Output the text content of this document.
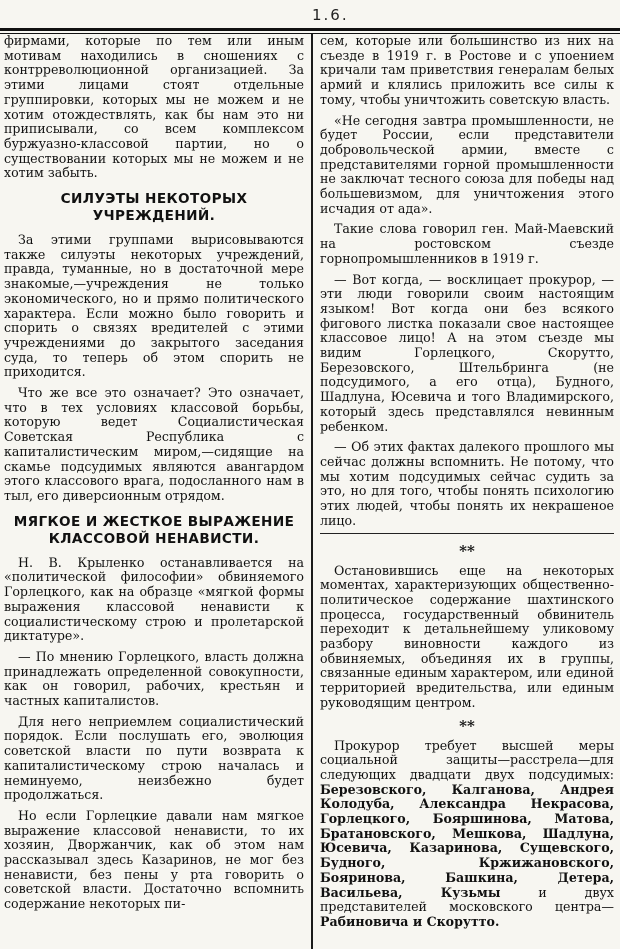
1.6.

фирмами, которые по тем или иным мотивам находились в сношениях с контрреволюционной организацией. За этими лицами стоят отдельные группировки, которых мы не можем и не хотим отождествлять, как бы нам это ни приписывали, со всем комплексом буржуазно-классовой партии, но о существовании которых мы не можем и не хотим забыть.

СИЛУЭТЫ НЕКОТОРЫХ УЧРЕЖДЕНИЙ.

За этими группами вырисовываются также силуэты некоторых учреждений, правда, туманные, но в достаточной мере знакомые,—учреждения не только экономического, но и прямо политического характера. Если можно было говорить и спорить о связях вредителей с этими учреждениями до закрытого заседания суда, то теперь об этом спорить не приходится.

Что же все это означает? Это означает, что в тех условиях классовой борьбы, которую ведет Социалистическая Советская Республика с капиталистическим миром,—сидящие на скамье подсудимых являются авангардом этого классового врага, подосланного нам в тыл, его диверсионным отрядом.

МЯГКОЕ И ЖЕСТКОЕ ВЫРАЖЕНИЕ КЛАССОВОЙ НЕНАВИСТИ.

Н. В. Крыленко останавливается на «политической философии» обвиняемого Горлецкого, как на образце «мягкой формы выражения классовой ненависти к социалистическому строю и пролетарской диктатуре».

— По мнению Горлецкого, власть должна принадлежать определенной совокупности, как он говорил, рабочих, крестьян и частных капиталистов.

Для него неприемлем социалистический порядок. Если послушать его, эволюция советской власти по пути возврата к капиталистическому строю началась и неминуемо, неизбежно будет продолжаться.

Но если Горлецкие давали нам мягкое выражение классовой ненависти, то их хозяин, Дворжанчик, как об этом нам рассказывал здесь Казаринов, не мог без ненависти, без пены у рта говорить о советской власти. Достаточно вспомнить содержание некоторых пи-

сем, которые или большинство из них на съезде в 1919 г. в Ростове и с упоением кричали там приветствия генералам белых армий и клялись приложить все силы к тому, чтобы уничтожить советскую власть.

«Не сегодня завтра промышленности, не будет России, если представители добровольческой армии, вместе с представителями горной промышленности не заключат тесного союза для победы над большевизмом, для уничтожения этого исчадия от ада».

Такие слова говорил ген. Май-Маевский на ростовском съезде горнопромышленников в 1919 г.

— Вот когда, — восклицает прокурор, — эти люди говорили своим настоящим языком! Вот когда они без всякого фигового листка показали свое настоящее классовое лицо! А на этом съезде мы видим Горлецкого, Скорутто, Березовского, Штельбринга (не подсудимого, а его отца), Будного, Шадлуна, Юсевича и того Владимирского, который здесь представлялся невинным ребенком.

— Об этих фактах далекого прошлого мы сейчас должны вспомнить. Не потому, что мы хотим подсудимых сейчас судить за это, но для того, чтобы понять психологию этих людей, чтобы понять их некрашеное лицо.

**

Остановившись еще на некоторых моментах, характеризующих общественно-политическое содержание шахтинского процесса, государственный обвинитель переходит к детальнейшему уликовому разбору виновности каждого из обвиняемых, объединяя их в группы, связанные единым характером, или единой территорией вредительства, или единым руководящим центром.

**

Прокурор требует высшей меры социальной защиты—расстрела—для следующих двадцати двух подсудимых: Березовского, Калганова, Андрея Колодуба, Александра Некрасова, Горлецкого, Бояршинова, Матова, Братановского, Мешкова, Шадлуна, Юсевича, Казаринова, Сущевского, Будного, Кржижановского, Бояринова, Башкина, Детера, Васильева, Кузьмы	и двух представителей московского центра—Рабиновича и Скорутто.
